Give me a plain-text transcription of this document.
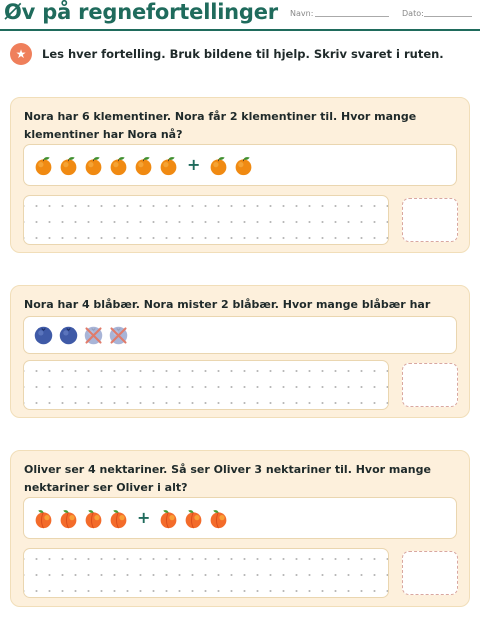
Øv på regnefortellinger Navn:	Dato:
★	Les hver fortelling. Bruk bildene til hjelp. Skriv svaret i ruten.
Nora har 6 klementiner. Nora får 2 klementiner til. Hvor mange klementiner har Nora nå?
+
Nora har 4 blåbær. Nora mister 2 blåbær. Hvor mange blåbær har
Oliver ser 4 nektariner. Så ser Oliver 3 nektariner til. Hvor mange nektariner ser Oliver i alt?
+
